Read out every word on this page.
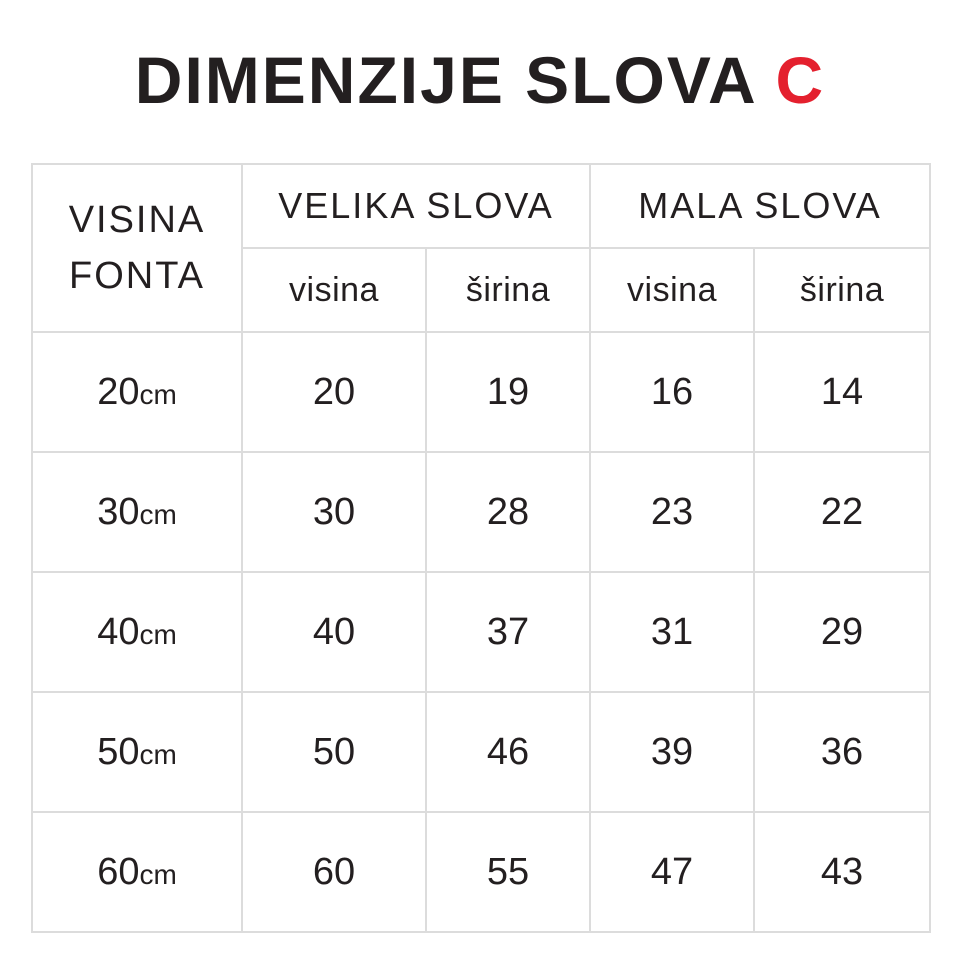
DIMENZIJE SLOVA C
VISINA
FONTA	VELIKA SLOVA		MALA SLOVA	
	visina	širina	visina	širina
20cm	20	19	16	14
30cm	30	28	23	22
40cm	40	37	31	29
50cm	50	46	39	36
60cm	60	55	47	43
